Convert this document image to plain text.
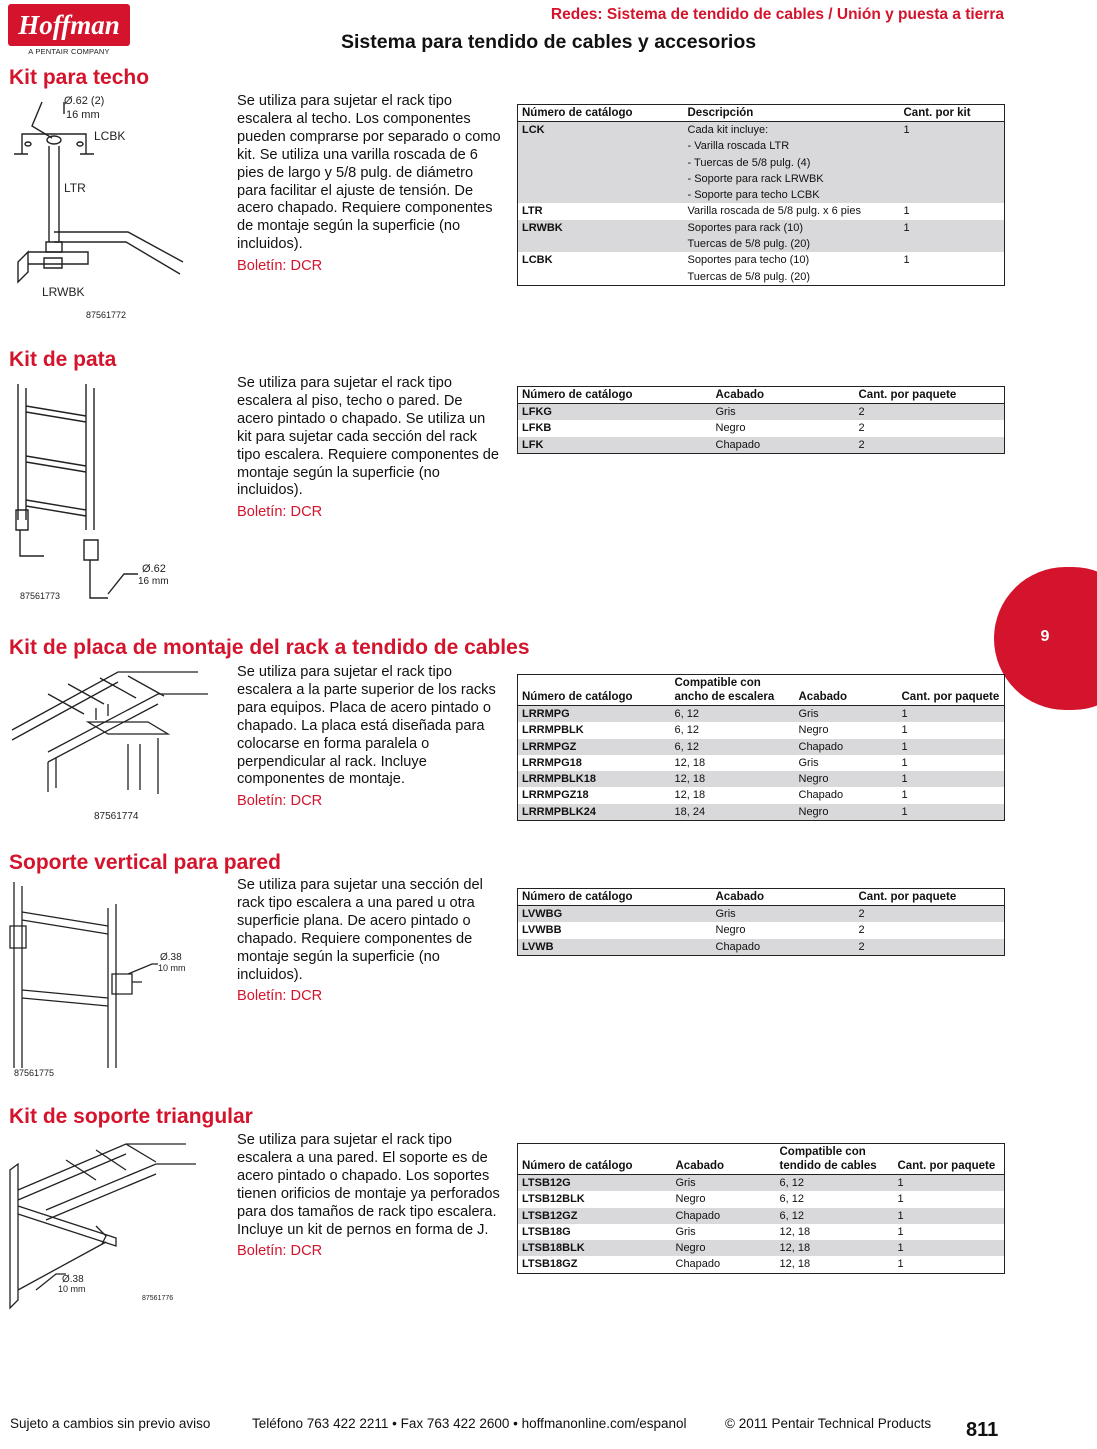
Hoffman
A PENTAIR COMPANY
Redes: Sistema de tendido de cables / Unión y puesta a tierra
Sistema para tendido de cables y accesorios
9
Kit para techo
Ø.62 (2)
16 mm
LCBK
LTR
LRWBK
87561772
Se utiliza para sujetar el rack tipo escalera al techo. Los componentes pueden comprarse por separado o como kit. Se utiliza una varilla roscada de 6 pies de largo y 5/8 pulg. de diámetro para facilitar el ajuste de tensión. De acero chapado. Requiere componentes de montaje según la superficie (no incluidos).
Boletín: DCR
Número de catálogo	Descripción	Cant. por kit
LCK	Cada kit incluye:
- Varilla roscada LTR
- Tuercas de 5/8 pulg. (4)
- Soporte para rack LRWBK
- Soporte para techo LCBK	1
LTR	Varilla roscada de 5/8 pulg. x 6 pies	1
LRWBK	Soportes para rack (10)
Tuercas de 5/8 pulg. (20)	1
LCBK	Soportes para techo (10)
Tuercas de 5/8 pulg. (20)	1
Kit de pata
Ø.62
16 mm
87561773
Se utiliza para sujetar el rack tipo escalera al piso, techo o pared. De acero pintado o chapado. Se utiliza un kit para sujetar cada sección del rack tipo escalera. Requiere componentes de montaje según la superficie (no incluidos).
Boletín: DCR
Número de catálogo	Acabado	Cant. por paquete
LFKG	Gris	2
LFKB	Negro	2
LFK	Chapado	2
Kit de placa de montaje del rack a tendido de cables
87561774
Se utiliza para sujetar el rack tipo escalera a la parte superior de los racks para equipos. Placa de acero pintado o chapado. La placa está diseñada para colocarse en forma paralela o perpendicular al rack. Incluye componentes de montaje.
Boletín: DCR
Número de catálogo	Compatible con ancho de escalera	Acabado	Cant. por paquete
LRRMPG	6, 12	Gris	1
LRRMPBLK	6, 12	Negro	1
LRRMPGZ	6, 12	Chapado	1
LRRMPG18	12, 18	Gris	1
LRRMPBLK18	12, 18	Negro	1
LRRMPGZ18	12, 18	Chapado	1
LRRMPBLK24	18, 24	Negro	1
Soporte vertical para pared
Ø.38
10 mm
87561775
Se utiliza para sujetar una sección del rack tipo escalera a una pared u otra superficie plana. De acero pintado o chapado. Requiere componentes de montaje según la superficie (no incluidos).
Boletín: DCR
Número de catálogo	Acabado	Cant. por paquete
LVWBG	Gris	2
LVWBB	Negro	2
LVWB	Chapado	2
Kit de soporte triangular
Ø.38
10 mm
87561776
Se utiliza para sujetar el rack tipo escalera a una pared. El soporte es de acero pintado o chapado. Los soportes tienen orificios de montaje ya perforados para dos tamaños de rack tipo escalera. Incluye un kit de pernos en forma de J.
Boletín: DCR
Número de catálogo	Acabado	Compatible con tendido de cables	Cant. por paquete
LTSB12G	Gris	6, 12	1
LTSB12BLK	Negro	6, 12	1
LTSB12GZ	Chapado	6, 12	1
LTSB18G	Gris	12, 18	1
LTSB18BLK	Negro	12, 18	1
LTSB18GZ	Chapado	12, 18	1
Sujeto a cambios sin previo aviso	Teléfono 763 422 2211 • Fax 763 422 2600 • hoffmanonline.com/espanol	© 2011 Pentair Technical Products 811
